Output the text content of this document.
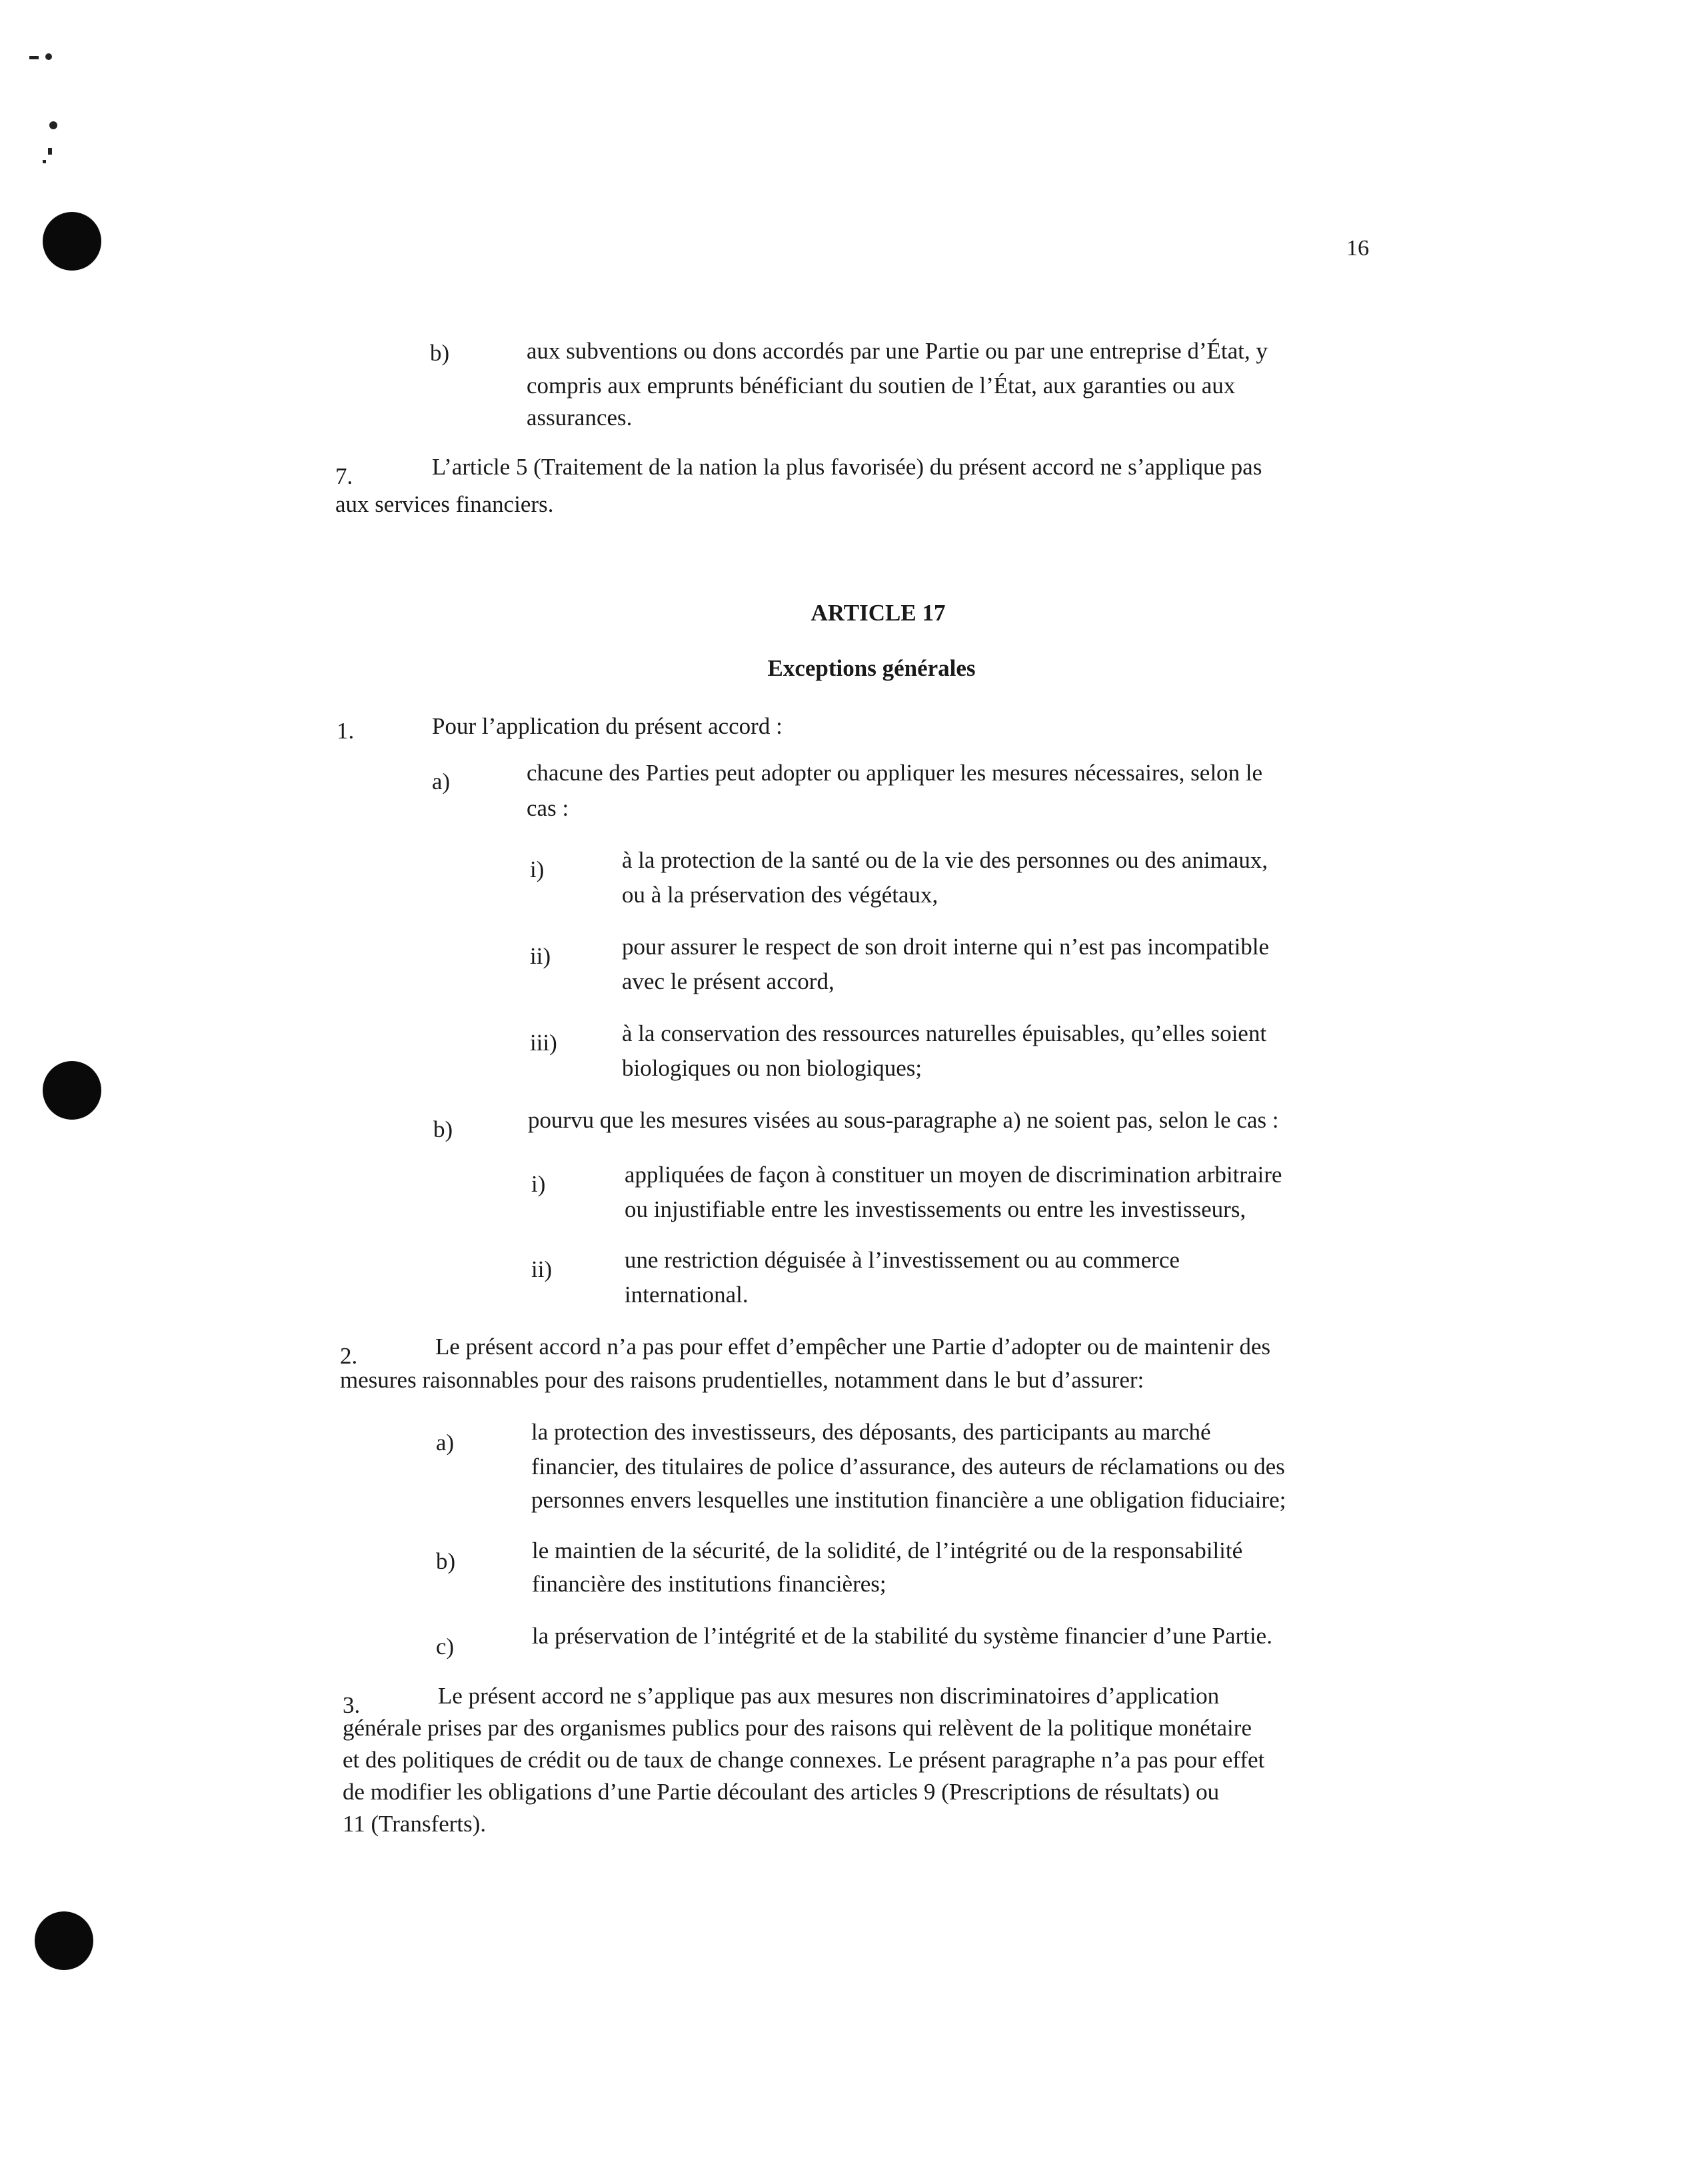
16
b)	aux subventions ou dons accordés par une Partie ou par une entreprise d’État, y
compris aux emprunts bénéficiant du soutien de l’État, aux garanties ou aux
assurances.
7.	L’article 5 (Traitement de la nation la plus favorisée) du présent accord ne s’applique pas
aux services financiers.
ARTICLE 17
Exceptions générales
1.	Pour l’application du présent accord :
a)	chacune des Parties peut adopter ou appliquer les mesures nécessaires, selon le
cas :
i)	à la protection de la santé ou de la vie des personnes ou des animaux,
ou à la préservation des végétaux,
ii)	pour assurer le respect de son droit interne qui n’est pas incompatible
avec le présent accord,
iii)	à la conservation des ressources naturelles épuisables, qu’elles soient
biologiques ou non biologiques;
b)	pourvu que les mesures visées au sous-paragraphe a) ne soient pas, selon le cas :
i)	appliquées de façon à constituer un moyen de discrimination arbitraire
ou injustifiable entre les investissements ou entre les investisseurs,
ii)	une restriction déguisée à l’investissement ou au commerce
international.
2.	Le présent accord n’a pas pour effet d’empêcher une Partie d’adopter ou de maintenir des
mesures raisonnables pour des raisons prudentielles, notamment dans le but d’assurer:
a)	la protection des investisseurs, des déposants, des participants au marché
financier, des titulaires de police d’assurance, des auteurs de réclamations ou des
personnes envers lesquelles une institution financière a une obligation fiduciaire;
b)	le maintien de la sécurité, de la solidité, de l’intégrité ou de la responsabilité
financière des institutions financières;
c)	la préservation de l’intégrité et de la stabilité du système financier d’une Partie.
3.	Le présent accord ne s’applique pas aux mesures non discriminatoires d’application
générale prises par des organismes publics pour des raisons qui relèvent de la politique monétaire
et des politiques de crédit ou de taux de change connexes. Le présent paragraphe n’a pas pour effet
de modifier les obligations d’une Partie découlant des articles 9 (Prescriptions de résultats) ou
11 (Transferts).
